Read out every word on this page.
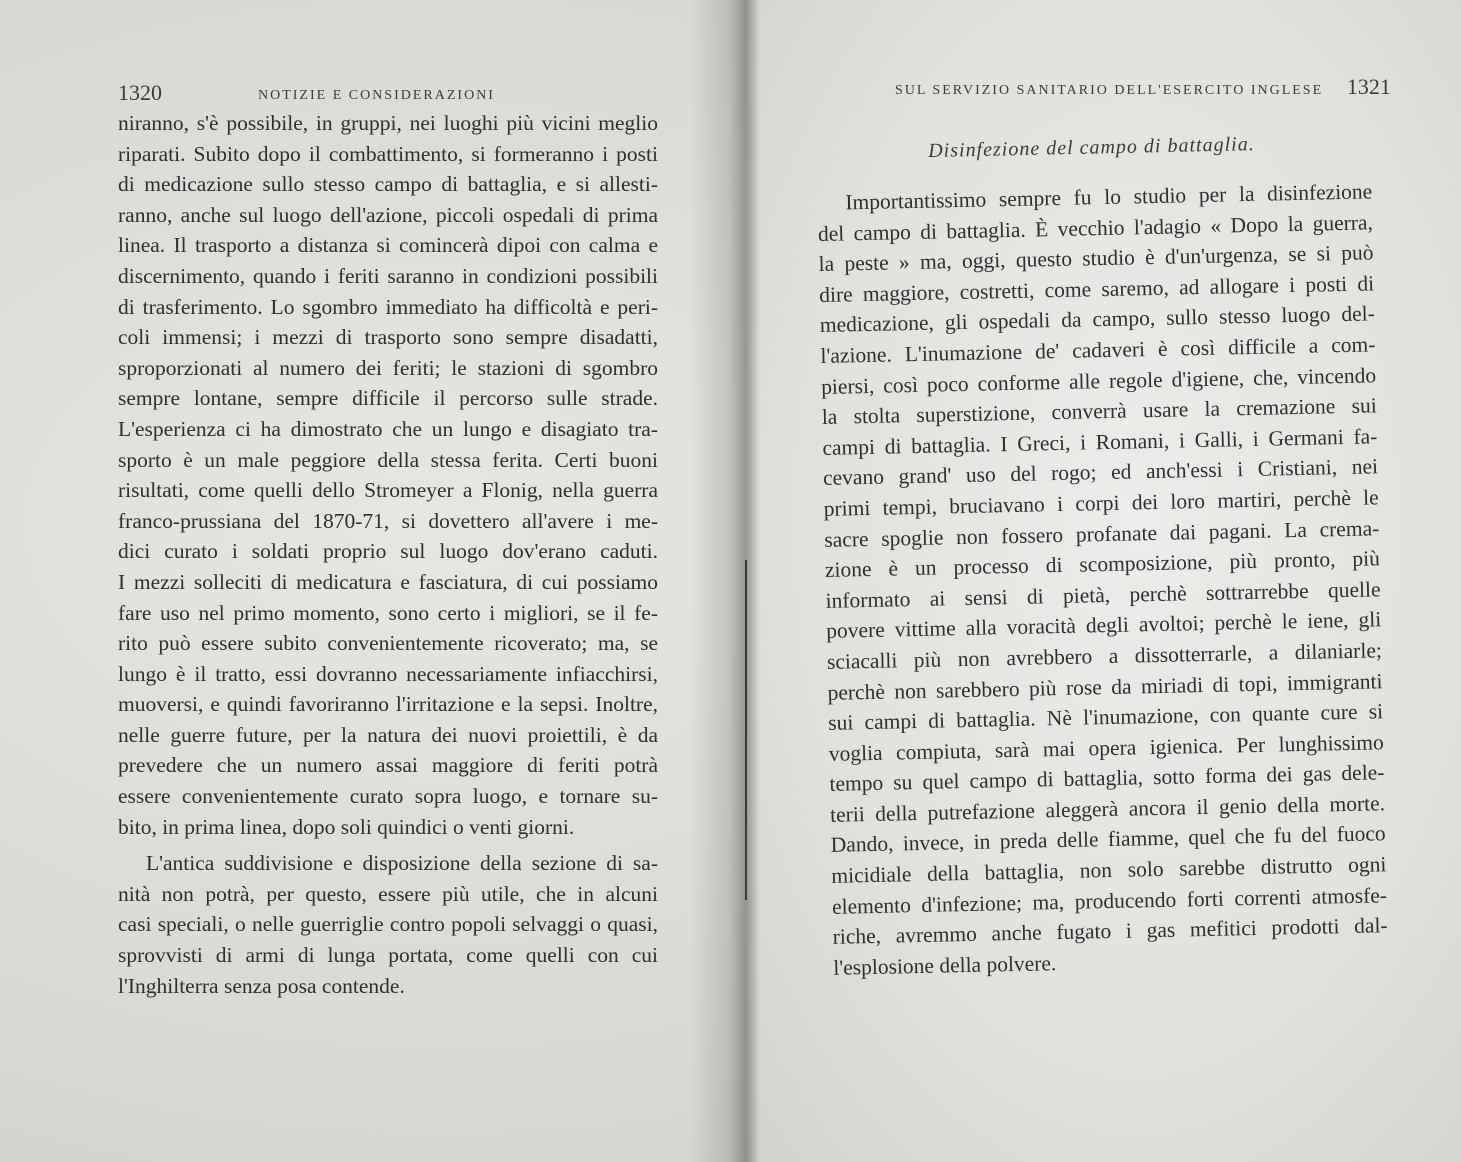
1320	NOTIZIE E CONSIDERAZIONI
niranno, s'è possibile, in gruppi, nei luoghi più vicini meglio
riparati. Subito dopo il combattimento, si formeranno i posti
di medicazione sullo stesso campo di battaglia, e si allesti-
ranno, anche sul luogo dell'azione, piccoli ospedali di prima
linea. Il trasporto a distanza si comincerà dipoi con calma e
discernimento, quando i feriti saranno in condizioni possibili
di trasferimento. Lo sgombro immediato ha difficoltà e peri-
coli immensi; i mezzi di trasporto sono sempre disadatti,
sproporzionati al numero dei feriti; le stazioni di sgombro
sempre lontane, sempre difficile il percorso sulle strade.
L'esperienza ci ha dimostrato che un lungo e disagiato tra-
sporto è un male peggiore della stessa ferita. Certi buoni
risultati, come quelli dello Stromeyer a Flonig, nella guerra
franco-prussiana del 1870-71, si dovettero all'avere i me-
dici curato i soldati proprio sul luogo dov'erano caduti.
I mezzi solleciti di medicatura e fasciatura, di cui possiamo
fare uso nel primo momento, sono certo i migliori, se il fe-
rito può essere subito convenientemente ricoverato; ma, se
lungo è il tratto, essi dovranno necessariamente infiacchirsi,
muoversi, e quindi favoriranno l'irritazione e la sepsi. Inoltre,
nelle guerre future, per la natura dei nuovi proiettili, è da
prevedere che un numero assai maggiore di feriti potrà
essere convenientemente curato sopra luogo, e tornare su-
bito, in prima linea, dopo soli quindici o venti giorni.
L'antica suddivisione e disposizione della sezione di sa-
nità non potrà, per questo, essere più utile, che in alcuni
casi speciali, o nelle guerriglie contro popoli selvaggi o quasi,
sprovvisti di armi di lunga portata, come quelli con cui
l'Inghilterra senza posa contende.
SUL SERVIZIO SANITARIO DELL'ESERCITO INGLESE 1321
Disinfezione del campo di battaglia.
Importantissimo sempre fu lo studio per la disinfezione
del campo di battaglia. È vecchio l'adagio « Dopo la guerra,
la peste » ma, oggi, questo studio è d'un'urgenza, se si può
dire maggiore, costretti, come saremo, ad allogare i posti di
medicazione, gli ospedali da campo, sullo stesso luogo del-
l'azione. L'inumazione de' cadaveri è così difficile a com-
piersi, così poco conforme alle regole d'igiene, che, vincendo
la stolta superstizione, converrà usare la cremazione sui
campi di battaglia. I Greci, i Romani, i Galli, i Germani fa-
cevano grand' uso del rogo; ed anch'essi i Cristiani, nei
primi tempi, bruciavano i corpi dei loro martiri, perchè le
sacre spoglie non fossero profanate dai pagani. La crema-
zione è un processo di scomposizione, più pronto, più
informato ai sensi di pietà, perchè sottrarrebbe quelle
povere vittime alla voracità degli avoltoi; perchè le iene, gli
sciacalli più non avrebbero a dissotterrarle, a dilaniarle;
perchè non sarebbero più rose da miriadi di topi, immigranti
sui campi di battaglia. Nè l'inumazione, con quante cure si
voglia compiuta, sarà mai opera igienica. Per lunghissimo
tempo su quel campo di battaglia, sotto forma dei gas dele-
terii della putrefazione aleggerà ancora il genio della morte.
Dando, invece, in preda delle fiamme, quel che fu del fuoco
micidiale della battaglia, non solo sarebbe distrutto ogni
elemento d'infezione; ma, producendo forti correnti atmosfe-
riche, avremmo anche fugato i gas mefitici prodotti dal-
l'esplosione della polvere.
